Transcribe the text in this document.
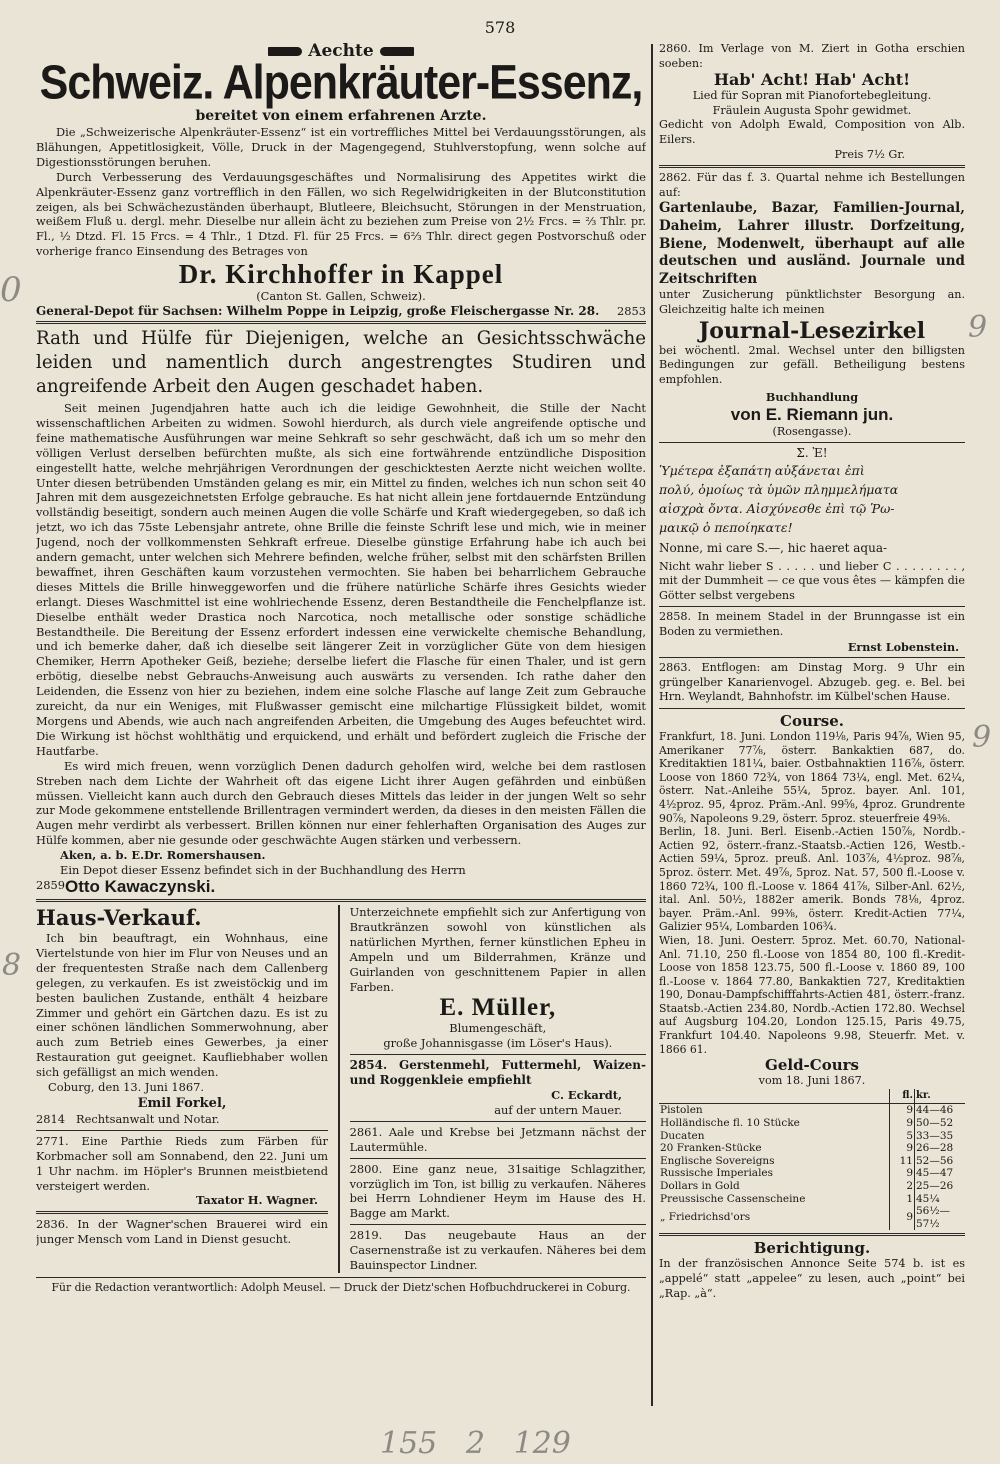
578

Aechte

Schweiz. Alpenkräuter-Essenz,

bereitet von einem erfahrenen Arzte.

Die „Schweizerische Alpenkräuter-Essenz“ ist ein vortreffliches Mittel bei Verdauungsstörungen, als Blähungen, Appetitlosigkeit, Völle, Druck in der Magengegend, Stuhlverstopfung, wenn solche auf Digestionsstörungen beruhen.

Durch Verbesserung des Verdauungsgeschäftes und Normalisirung des Appetites wirkt die Alpenkräuter-Essenz ganz vortrefflich in den Fällen, wo sich Regelwidrigkeiten in der Blutconstitution zeigen, als bei Schwächezuständen überhaupt, Blutleere, Bleichsucht, Störungen in der Menstruation, weißem Fluß u. dergl. mehr. Dieselbe nur allein ächt zu beziehen zum Preise von 2½ Frcs. = ⅔ Thlr. pr. Fl., ½ Dtzd. Fl. 15 Frcs. = 4 Thlr., 1 Dtzd. Fl. für 25 Frcs. = 6⅔ Thlr. direct gegen Postvorschuß oder vorherige franco Einsendung des Betrages von

Dr. Kirchhoffer in Kappel

(Canton St. Gallen, Schweiz).

General-Depot für Sachsen: Wilhelm Poppe in Leipzig, große Fleischergasse Nr. 28.	2853

Rath und Hülfe für Diejenigen, welche an Gesichtsschwäche leiden und namentlich durch angestrengtes Studiren und angreifende Arbeit den Augen geschadet haben.

Seit meinen Jugendjahren hatte auch ich die leidige Gewohnheit, die Stille der Nacht wissenschaftlichen Arbeiten zu widmen. Sowohl hierdurch, als durch viele angreifende optische und feine mathematische Ausführungen war meine Sehkraft so sehr geschwächt, daß ich um so mehr den völligen Verlust derselben befürchten mußte, als sich eine fortwährende entzündliche Disposition eingestellt hatte, welche mehrjährigen Verordnungen der geschicktesten Aerzte nicht weichen wollte. Unter diesen betrübenden Umständen gelang es mir, ein Mittel zu finden, welches ich nun schon seit 40 Jahren mit dem ausgezeichnetsten Erfolge gebrauche. Es hat nicht allein jene fortdauernde Entzündung vollständig beseitigt, sondern auch meinen Augen die volle Schärfe und Kraft wiedergegeben, so daß ich jetzt, wo ich das 75ste Lebensjahr antrete, ohne Brille die feinste Schrift lese und mich, wie in meiner Jugend, noch der vollkommensten Sehkraft erfreue. Dieselbe günstige Erfahrung habe ich auch bei andern gemacht, unter welchen sich Mehrere befinden, welche früher, selbst mit den schärfsten Brillen bewaffnet, ihren Geschäften kaum vorzustehen vermochten. Sie haben bei beharrlichem Gebrauche dieses Mittels die Brille hinweggeworfen und die frühere natürliche Schärfe ihres Gesichts wieder erlangt. Dieses Waschmittel ist eine wohlriechende Essenz, deren Bestandtheile die Fenchelpflanze ist. Dieselbe enthält weder Drastica noch Narcotica, noch metallische oder sonstige schädliche Bestandtheile. Die Bereitung der Essenz erfordert indessen eine verwickelte chemische Behandlung, und ich bemerke daher, daß ich dieselbe seit längerer Zeit in vorzüglicher Güte von dem hiesigen Chemiker, Herrn Apotheker Geiß, beziehe; derselbe liefert die Flasche für einen Thaler, und ist gern erbötig, dieselbe nebst Gebrauchs-Anweisung auch auswärts zu versenden. Ich rathe daher den Leidenden, die Essenz von hier zu beziehen, indem eine solche Flasche auf lange Zeit zum Gebrauche zureicht, da nur ein Weniges, mit Flußwasser gemischt eine milchartige Flüssigkeit bildet, womit Morgens und Abends, wie auch nach angreifenden Arbeiten, die Umgebung des Auges befeuchtet wird. Die Wirkung ist höchst wohlthätig und erquickend, und erhält und befördert zugleich die Frische der Hautfarbe.

Es wird mich freuen, wenn vorzüglich Denen dadurch geholfen wird, welche bei dem rastlosen Streben nach dem Lichte der Wahrheit oft das eigene Licht ihrer Augen gefährden und einbüßen müssen. Vielleicht kann auch durch den Gebrauch dieses Mittels das leider in der jungen Welt so sehr zur Mode gekommene entstellende Brillentragen vermindert werden, da dieses in den meisten Fällen die Augen mehr verdirbt als verbessert. Brillen können nur einer fehlerhaften Organisation des Auges zur Hülfe kommen, aber nie gesunde oder geschwächte Augen stärken und verbessern.

Aken, a. b. E. Dr. Romershausen.

Ein Depot dieser Essenz befindet sich in der Buchhandlung des Herrn

2859 Otto Kawaczynski.

Haus-Verkauf.

Ich bin beauftragt, ein Wohnhaus, eine Viertelstunde von hier im Flur von Neuses und an der frequentesten Straße nach dem Callenberg gelegen, zu verkaufen. Es ist zweistöckig und im besten baulichen Zustande, enthält 4 heizbare Zimmer und gehört ein Gärtchen dazu. Es ist zu einer schönen ländlichen Sommerwohnung, aber auch zum Betrieb eines Gewerbes, ja einer Restauration gut geeignet. Kaufliebhaber wollen sich gefälligst an mich wenden.

Coburg, den 13. Juni 1867.

Emil Forkel,

2814 Rechtsanwalt und Notar.

2771. Eine Parthie Rieds zum Färben für Korbmacher soll am Sonnabend, den 22. Juni um 1 Uhr nachm. im Höpler's Brunnen meistbietend versteigert werden.

Taxator H. Wagner.

2836. In der Wagner'schen Brauerei wird ein junger Mensch vom Land in Dienst gesucht.

Unterzeichnete empfiehlt sich zur Anfertigung von Brautkränzen sowohl von künstlichen als natürlichen Myrthen, ferner künstlichen Epheu in Ampeln und um Bilderrahmen, Kränze und Guirlanden von geschnittenem Papier in allen Farben.

E. Müller,

Blumengeschäft,

große Johannisgasse (im Löser's Haus).

2854. Gerstenmehl, Futtermehl, Waizen- und Roggenkleie empfiehlt

C. Eckardt,

auf der untern Mauer.

2861. Aale und Krebse bei Jetzmann nächst der Lautermühle.

2800. Eine ganz neue, 31saitige Schlagzither, vorzüglich im Ton, ist billig zu verkaufen. Näheres bei Herrn Lohndiener Heym im Hause des H. Bagge am Markt.

2819. Das neugebaute Haus an der Casernenstraße ist zu verkaufen. Näheres bei dem Bauinspector Lindner.

Für die Redaction verantwortlich: Adolph Meusel. — Druck der Dietz'schen Hofbuchdruckerei in Coburg.

2860. Im Verlage von M. Ziert in Gotha erschien soeben:

Hab' Acht! Hab' Acht!

Lied für Sopran mit Pianofortebegleitung.

Fräulein Augusta Spohr gewidmet.

Gedicht von Adolph Ewald, Composition von Alb. Eilers.

Preis 7½ Gr.

2862. Für das f. 3. Quartal nehme ich Bestellungen auf:

Gartenlaube, Bazar, Familien-Journal, Daheim, Lahrer illustr. Dorfzeitung, Biene, Modenwelt, überhaupt auf alle deutschen und ausländ. Journale und Zeitschriften

unter Zusicherung pünktlichster Besorgung an. Gleichzeitig halte ich meinen

Journal-Lesezirkel

bei wöchentl. 2mal. Wechsel unter den billigsten Bedingungen zur gefäll. Betheiligung bestens empfohlen.

Buchhandlung

von E. Riemann jun.

(Rosengasse).

Σ. Ἐ!

Ὑμέτερα ἐξαπάτη αὐξάνεται ἐπὶ

πολύ, ὁμοίως τὰ ὑμῶν πλημμελήματα

αἰσχρὰ ὄντα. Αἰσχύνεσθε ἐπὶ τῷ Ῥω-

μαικῷ ὁ πεποίηκατε!

Nonne, mi care S.—, hic haeret aqua-

Nicht wahr lieber S . . . . . und lieber C . . . . . . . . , mit der Dummheit — ce que vous êtes — kämpfen die Götter selbst vergebens

2858. In meinem Stadel in der Brunngasse ist ein Boden zu vermiethen.

Ernst Lobenstein.

2863. Entflogen: am Dinstag Morg. 9 Uhr ein grüngelber Kanarienvogel. Abzugeb. geg. e. Bel. bei Hrn. Weylandt, Bahnhofstr. im Külbel'schen Hause.

Course.

Frankfurt, 18. Juni. London 119⅛, Paris 94⅞, Wien 95, Amerikaner 77⅞, österr. Bankaktien 687, do. Kreditaktien 181¼, baier. Ostbahnaktien 116⅞, österr. Loose von 1860 72¾, von 1864 73¼, engl. Met. 62¼, österr. Nat.-Anleihe 55¼, 5proz. bayer. Anl. 101, 4½proz. 95, 4proz. Präm.-Anl. 99⅝, 4proz. Grundrente 90⅞, Napoleons 9.29, österr. 5proz. steuerfreie 49⅜.

Berlin, 18. Juni. Berl. Eisenb.-Actien 150⅞, Nordb.-Actien 92, österr.-franz.-Staatsb.-Actien 126, Westb.-Actien 59¼, 5proz. preuß. Anl. 103⅞, 4½proz. 98⅞, 5proz. österr. Met. 49⅞, 5proz. Nat. 57, 500 fl.-Loose v. 1860 72¾, 100 fl.-Loose v. 1864 41⅞, Silber-Anl. 62½, ital. Anl. 50½, 1882er amerik. Bonds 78⅛, 4proz. bayer. Präm.-Anl. 99⅜, österr. Kredit-Actien 77¼, Galizier 95¼, Lombarden 106¾.

Wien, 18. Juni. Oesterr. 5proz. Met. 60.70, National-Anl. 71.10, 250 fl.-Loose von 1854 80, 100 fl.-Kredit-Loose von 1858 123.75, 500 fl.-Loose v. 1860 89, 100 fl.-Loose v. 1864 77.80, Bankaktien 727, Kreditaktien 190, Donau-Dampfschifffahrts-Actien 481, österr.-franz. Staatsb.-Actien 234.80, Nordb.-Actien 172.80. Wechsel auf Augsburg 104.20, London 125.15, Paris 49.75, Frankfurt 104.40. Napoleons 9.98, Steuerfr. Met. v. 1866 61.

Geld-Cours

vom 18. Juni 1867.

	fl.	kr.
Pistolen	9	44—46
Holländische fl. 10 Stücke	9	50—52
Ducaten	5	33—35
20 Franken-Stücke	9	26—28
Englische Sovereigns	11	52—56
Russische Imperiales	9	45—47
Dollars in Gold	2	25—26
Preussische Cassenscheine	1	45¼
„ Friedrichsd'ors	9	56½—57½

Berichtigung.

In der französischen Annonce Seite 574 b. ist es „appelé“ statt „appelee“ zu lesen, auch „point“ bei „Rap. „à“.

0
9
8
9
155   2   129
